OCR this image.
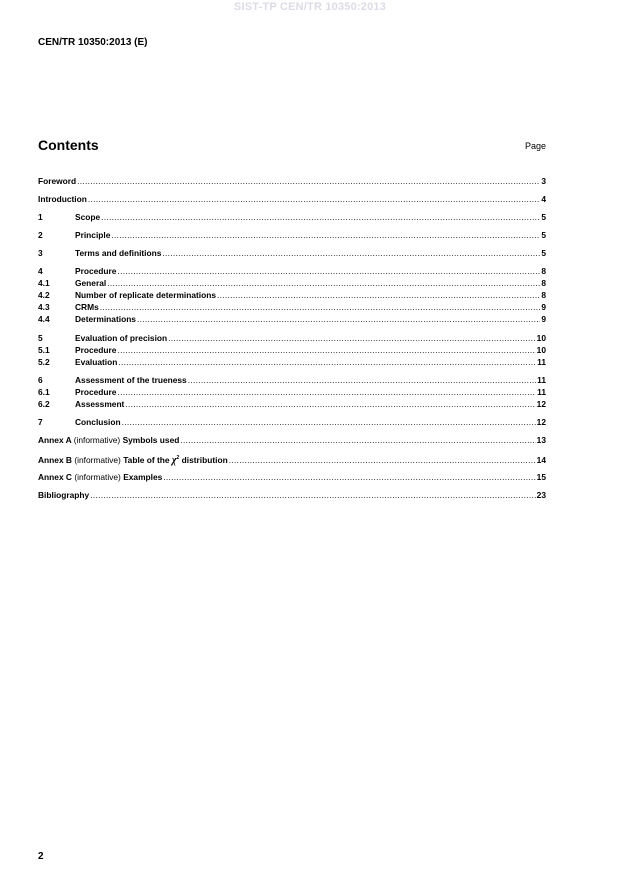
SIST-TP CEN/TR 10350:2013
CEN/TR 10350:2013 (E)
Contents	Page
Foreword .....	3
Introduction .....	4
1	Scope .....	5
2	Principle .....	5
3	Terms and definitions .....	5
4	Procedure .....	8
4.1	General .....	8
4.2	Number of replicate determinations .....	8
4.3	CRMs .....	9
4.4	Determinations .....	9
5	Evaluation of precision .....	10
5.1	Procedure .....	10
5.2	Evaluation .....	11
6	Assessment of the trueness .....	11
6.1	Procedure .....	11
6.2	Assessment .....	12
7	Conclusion .....	12
Annex A (informative) Symbols used .....	13
Annex B (informative) Table of the $\chi^2$ distribution .....	14
Annex C (informative) Examples .....	15
Bibliography .....	23
2
